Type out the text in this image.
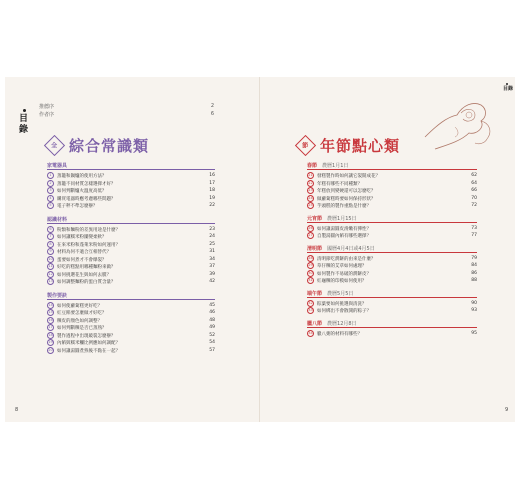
目錄
推薦序	2
作者序	6
全 綜合常識類
8
家電器具
1 蒸籠和鍋爐的使用方法？	16
2 蒸籠不同材質怎樣選擇才好？	17
3 如何判斷爐火溫度高低？	18
4 購買電器時應考慮哪些問題？	19
5 電子秤不準怎麼辦？	22
認識材料
6 粉類和麵粉的差異用途是什麼？	23
7 如何讓糯米粉團變柔軟？	24
8 在來米粉和蓬萊米粉如何運用？	25
9 材料為何不適合互相替代？	31
10 蛋要如何煮才不會爆裂？	34
11 好吃的糕點用哪種麵粉來做？	37
12 如何挑選花生與如何去膜？	39
13 如何調整麵粉的蛋白質含量？	42
製作要訣
14 如何使蘿蔔糕更好吃？	45
15 紅豆餡要怎麼做才好吃？	46
16 粿皮的顏色如何調整？	48
17 如何判斷粿是否已蒸熟？	49
18 製作過程中出現破裂怎麼辦？	52
19 內餡與糯米糰比例應如何調配？	54
20 如何讓湯圓煮熟後不黏在一起？	57
目錄
節 年節點心類
9
春節 農曆1月1日
21 發糕製作時如何讓它裂開成花？	62
22 年糕有哪些不同種類？	64
23 年糕放到變硬還可以怎麼吃？	66
24 做蘿蔔糕時要如何保持形狀？	70
25 芋頭糕的製作重點是什麼？	72
元宵節 農曆1月15日
26 如何讓湯圓皮滑嫩有彈性？	73
27 自製湯圓內餡有哪些選擇？	77
清明節 國曆4月4日或4月5日
28 清明節吃潤餅的由來是什麼？	79
29 草仔粿的艾草如何處理？	84
30 如何製作不易破的潤餅皮？	86
31 紅龜粿的印模如何使用？	88
端午節 農曆5月5日
32 粽葉要如何挑選與清洗？	90
33 如何綁出不會散開的粽子？	93
臘八節 農曆12月8日
34 臘八粥的材料有哪些？	95
